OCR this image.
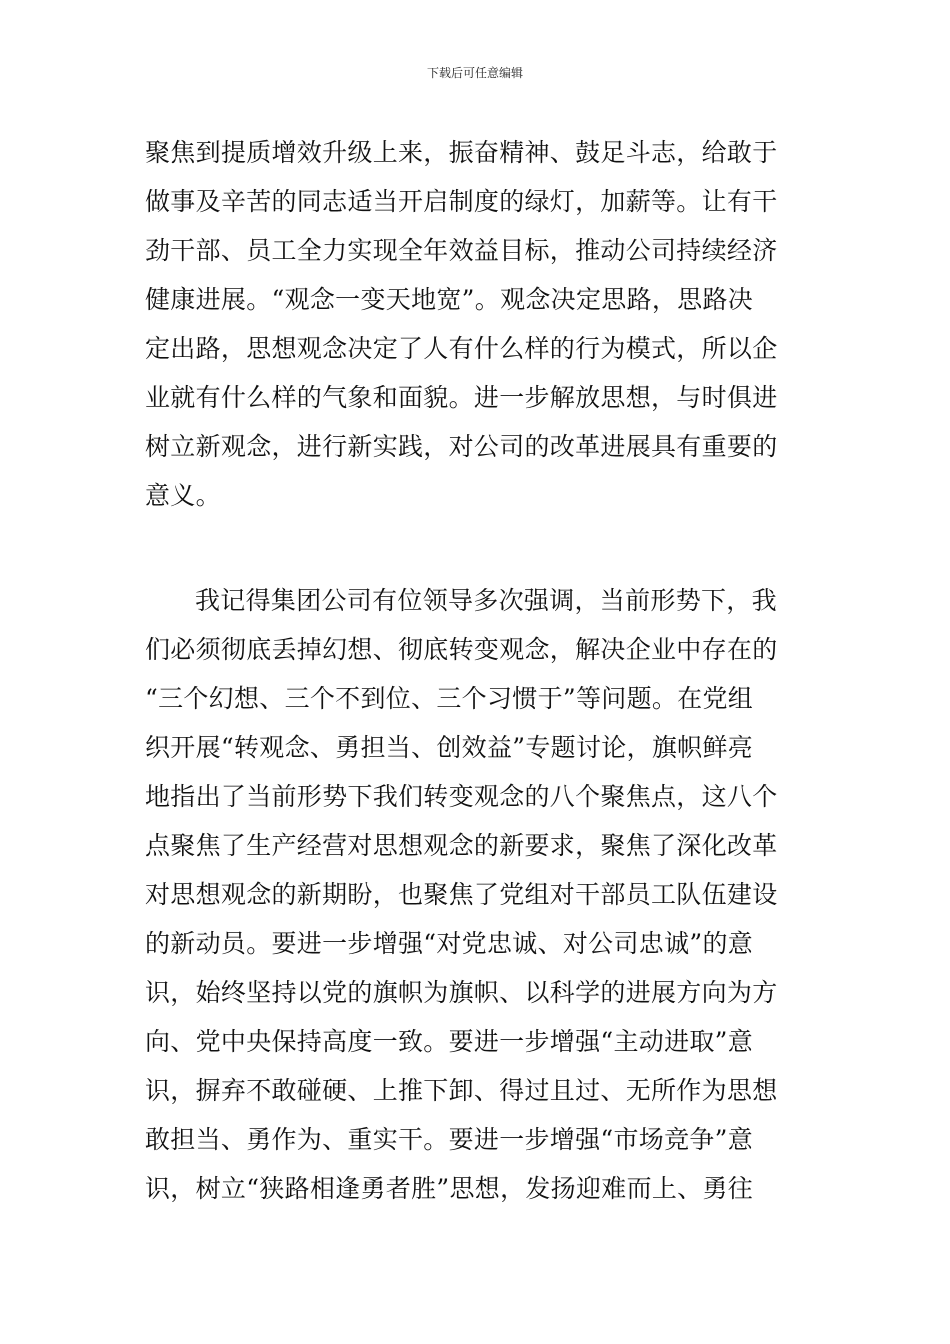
下载后可任意编辑
聚焦到提质增效升级上来，振奋精神、鼓足斗志，给敢于
做事及辛苦的同志适当开启制度的绿灯，加薪等。让有干
劲干部、员工全力实现全年效益目标，推动公司持续经济
健康进展。“观念一变天地宽”。观念决定思路，思路决
定出路，思想观念决定了人有什么样的行为模式，所以企
业就有什么样的气象和面貌。进一步解放思想，与时俱进
树立新观念，进行新实践，对公司的改革进展具有重要的
意义。
我记得集团公司有位领导多次强调，当前形势下，我
们必须彻底丢掉幻想、彻底转变观念，解决企业中存在的
“三个幻想、三个不到位、三个习惯于”等问题。在党组
织开展“转观念、勇担当、创效益”专题讨论，旗帜鲜亮
地指出了当前形势下我们转变观念的八个聚焦点，这八个
点聚焦了生产经营对思想观念的新要求，聚焦了深化改革
对思想观念的新期盼，也聚焦了党组对干部员工队伍建设
的新动员。要进一步增强“对党忠诚、对公司忠诚”的意
识，始终坚持以党的旗帜为旗帜、以科学的进展方向为方
向、党中央保持高度一致。要进一步增强“主动进取”意
识，摒弃不敢碰硬、上推下卸、得过且过、无所作为思想
敢担当、勇作为、重实干。要进一步增强“市场竞争”意
识，树立“狭路相逢勇者胜”思想，发扬迎难而上、勇往
